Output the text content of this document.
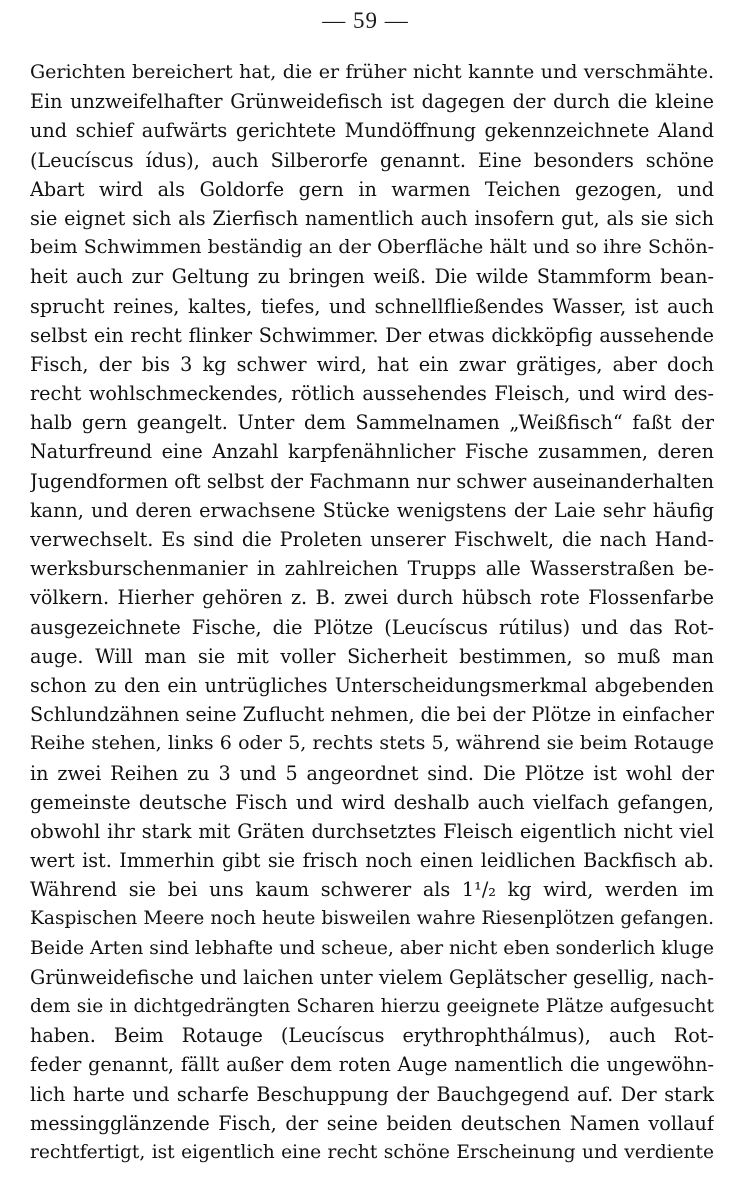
— 59 —
Gerichten bereichert hat, die er früher nicht kannte und verschmähte.
Ein unzweifelhafter Grünweidefisch ist dagegen der durch die kleine
und schief aufwärts gerichtete Mundöffnung gekennzeichnete Aland
(Leucíscus ídus), auch Silberorfe genannt. Eine besonders schöne
Abart wird als Goldorfe gern in warmen Teichen gezogen, und
sie eignet sich als Zierfisch namentlich auch insofern gut, als sie sich
beim Schwimmen beständig an der Oberfläche hält und so ihre Schön-
heit auch zur Geltung zu bringen weiß. Die wilde Stammform bean-
sprucht reines, kaltes, tiefes, und schnellfließendes Wasser, ist auch
selbst ein recht flinker Schwimmer. Der etwas dickköpfig aussehende
Fisch, der bis 3 kg schwer wird, hat ein zwar grätiges, aber doch
recht wohlschmeckendes, rötlich aussehendes Fleisch, und wird des-
halb gern geangelt. Unter dem Sammelnamen „Weißfisch“ faßt der
Naturfreund eine Anzahl karpfenähnlicher Fische zusammen, deren
Jugendformen oft selbst der Fachmann nur schwer auseinanderhalten
kann, und deren erwachsene Stücke wenigstens der Laie sehr häufig
verwechselt. Es sind die Proleten unserer Fischwelt, die nach Hand-
werksburschenmanier in zahlreichen Trupps alle Wasserstraßen be-
völkern. Hierher gehören z. B. zwei durch hübsch rote Flossenfarbe
ausgezeichnete Fische, die Plötze (Leucíscus rútilus) und das Rot-
auge. Will man sie mit voller Sicherheit bestimmen, so muß man
schon zu den ein untrügliches Unterscheidungsmerkmal abgebenden
Schlundzähnen seine Zuflucht nehmen, die bei der Plötze in einfacher
Reihe stehen, links 6 oder 5, rechts stets 5, während sie beim Rotauge
in zwei Reihen zu 3 und 5 angeordnet sind. Die Plötze ist wohl der
gemeinste deutsche Fisch und wird deshalb auch vielfach gefangen,
obwohl ihr stark mit Gräten durchsetztes Fleisch eigentlich nicht viel
wert ist. Immerhin gibt sie frisch noch einen leidlichen Backfisch ab.
Während sie bei uns kaum schwerer als 1¹/₂ kg wird, werden im
Kaspischen Meere noch heute bisweilen wahre Riesenplötzen gefangen.
Beide Arten sind lebhafte und scheue, aber nicht eben sonderlich kluge
Grünweidefische und laichen unter vielem Geplätscher gesellig, nach-
dem sie in dichtgedrängten Scharen hierzu geeignete Plätze aufgesucht
haben. Beim Rotauge (Leucíscus erythrophthálmus), auch Rot-
feder genannt, fällt außer dem roten Auge namentlich die ungewöhn-
lich harte und scharfe Beschuppung der Bauchgegend auf. Der stark
messingglänzende Fisch, der seine beiden deutschen Namen vollauf
rechtfertigt, ist eigentlich eine recht schöne Erscheinung und verdiente
